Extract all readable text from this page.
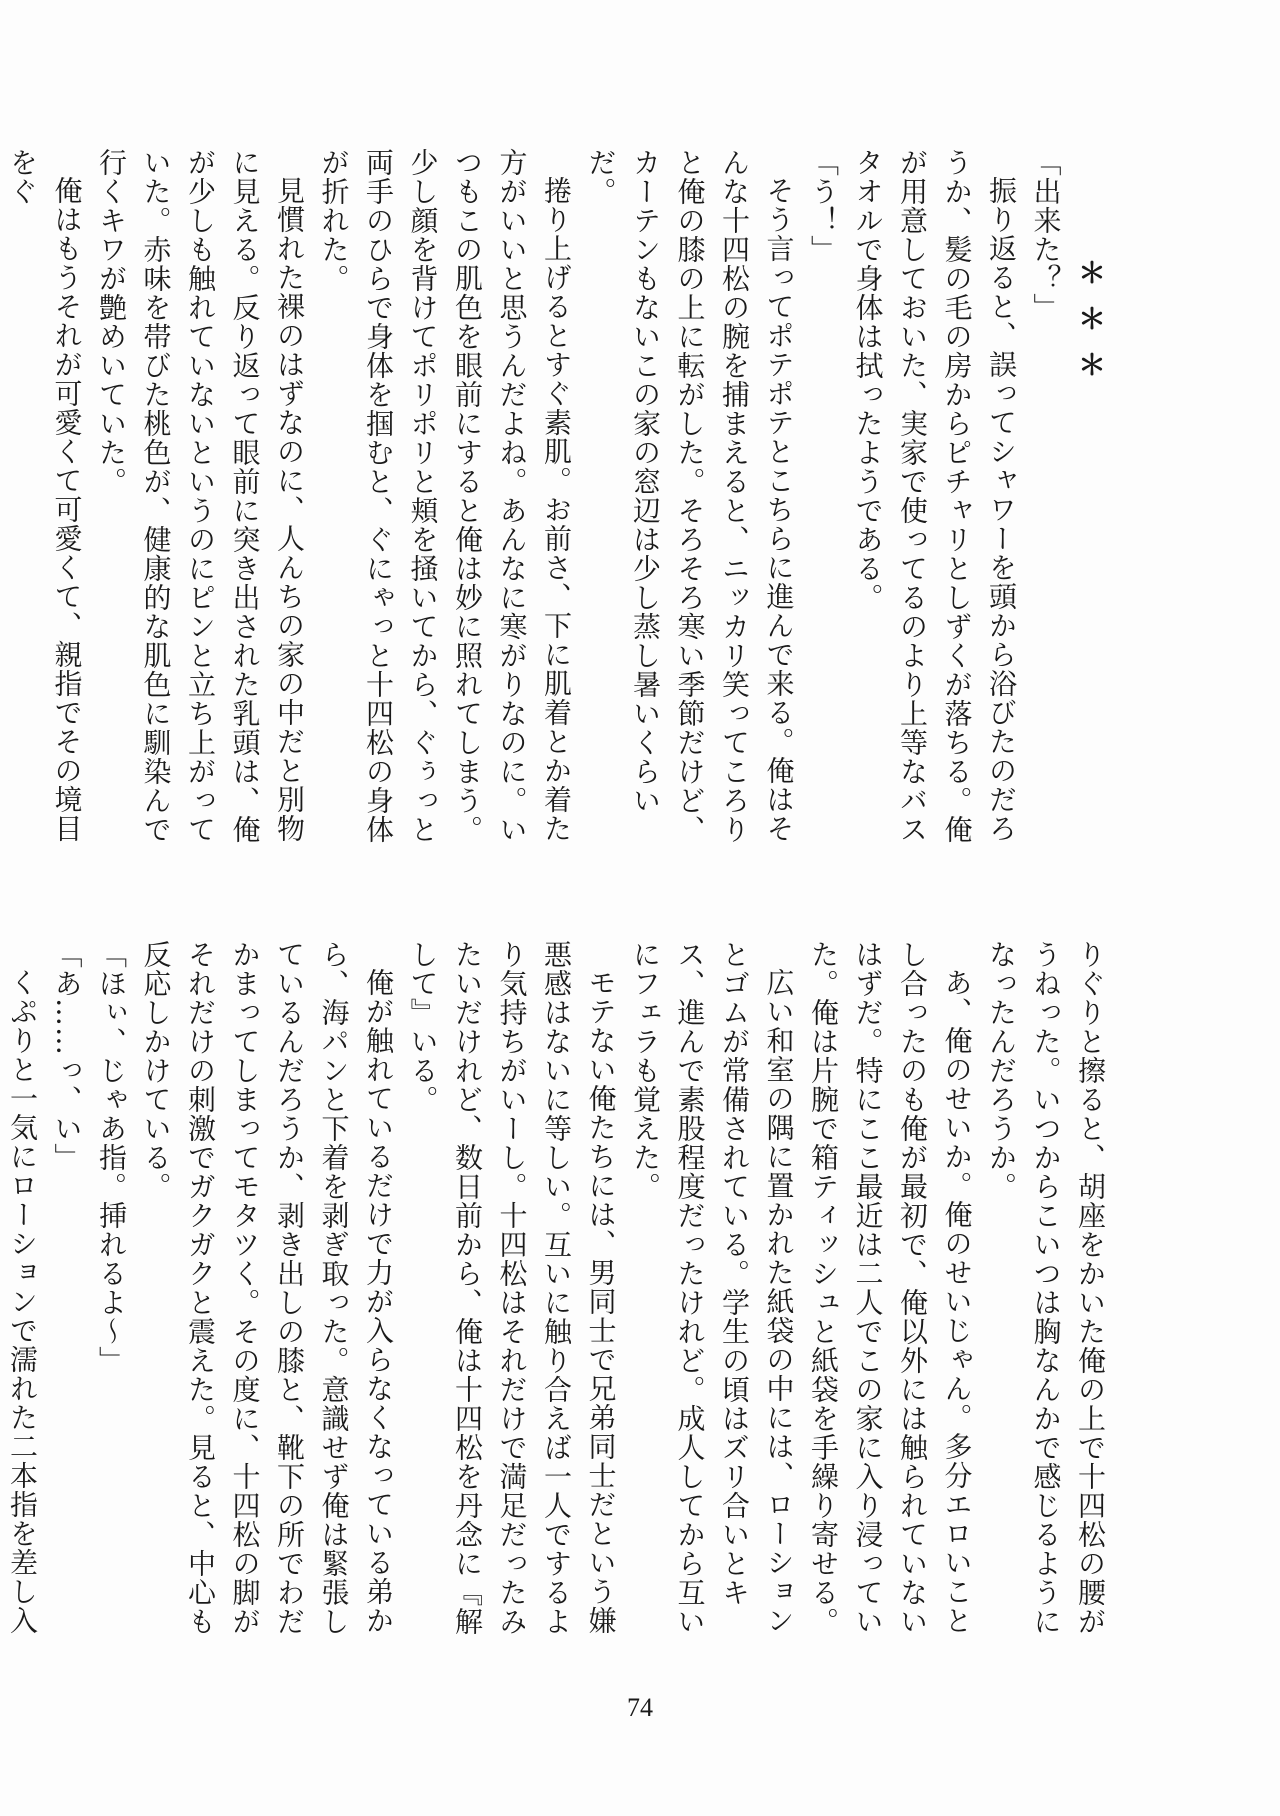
＊＊＊

「出来た？」

振り返ると、誤ってシャワーを頭から浴びたのだろうか、髪の毛の房からピチャリとしずくが落ちる。俺が用意しておいた、実家で使ってるのより上等なバスタオルで身体は拭ったようである。

「う！」

そう言ってポテポテとこちらに進んで来る。俺はそんな十四松の腕を捕まえると、ニッカリ笑ってころりと俺の膝の上に転がした。そろそろ寒い季節だけど、カーテンもないこの家の窓辺は少し蒸し暑いくらいだ。

捲り上げるとすぐ素肌。お前さ、下に肌着とか着た方がいいと思うんだよね。あんなに寒がりなのに。いつもこの肌色を眼前にすると俺は妙に照れてしまう。少し顔を背けてポリポリと頬を掻いてから、ぐぅっと両手のひらで身体を掴むと、ぐにゃっと十四松の身体が折れた。

見慣れた裸のはずなのに、人んちの家の中だと別物に見える。反り返って眼前に突き出された乳頭は、俺が少しも触れていないというのにピンと立ち上がっていた。赤味を帯びた桃色が、健康的な肌色に馴染んで行くキワが艶めいていた。

俺はもうそれが可愛くて可愛くて、親指でその境目をぐ

りぐりと擦ると、胡座をかいた俺の上で十四松の腰がうねった。いつからこいつは胸なんかで感じるようになったんだろうか。

あ、俺のせいか。俺のせいじゃん。多分エロいことし合ったのも俺が最初で、俺以外には触られていないはずだ。特にここ最近は二人でこの家に入り浸っていた。俺は片腕で箱ティッシュと紙袋を手繰り寄せる。

広い和室の隅に置かれた紙袋の中には、ローションとゴムが常備されている。学生の頃はズリ合いとキス、進んで素股程度だったけれど。成人してから互いにフェラも覚えた。

モテない俺たちには、男同士で兄弟同士だという嫌悪感はないに等しい。互いに触り合えば一人でするより気持ちがいーし。十四松はそれだけで満足だったみたいだけれど、数日前から、俺は十四松を丹念に『解して』いる。

俺が触れているだけで力が入らなくなっている弟から、海パンと下着を剥ぎ取った。意識せず俺は緊張しているんだろうか、剥き出しの膝と、靴下の所でわだかまってしまってモタツく。その度に、十四松の脚がそれだけの刺激でガクガクと震えた。見ると、中心も反応しかけている。

「ほぃ、じゃあ指。挿れるよ～」

「あ……っ、い」

くぷりと一気にローションで濡れた二本指を差し入

74
